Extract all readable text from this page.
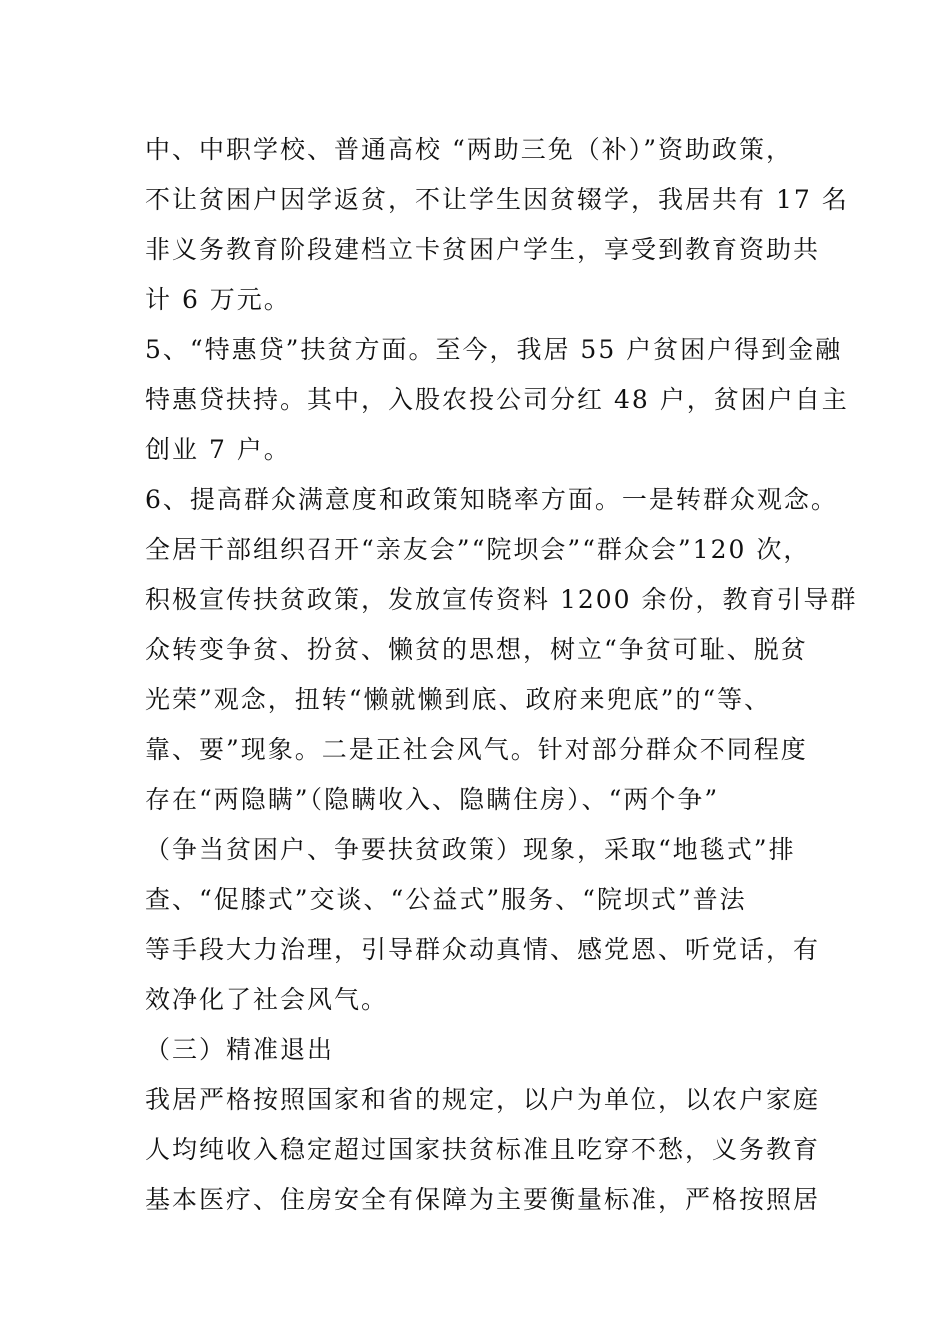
中、中职学校、普通高校 “两助三免（补）”资助政策，
不让贫困户因学返贫，不让学生因贫辍学，我居共有 17 名
非义务教育阶段建档立卡贫困户学生，享受到教育资助共
计 6 万元。
5、“特惠贷”扶贫方面。至今，我居 55 户贫困户得到金融
特惠贷扶持。其中，入股农投公司分红 48 户，贫困户自主
创业 7 户。
6、提高群众满意度和政策知晓率方面。一是转群众观念。
全居干部组织召开“亲友会”“院坝会”“群众会”120 次，
积极宣传扶贫政策，发放宣传资料 1200 余份，教育引导群
众转变争贫、扮贫、懒贫的思想，树立“争贫可耻、脱贫
光荣”观念，扭转“懒就懒到底、政府来兜底”的“等、
靠、要”现象。二是正社会风气。针对部分群众不同程度
存在“两隐瞒”（隐瞒收入、隐瞒住房）、“两个争”
（争当贫困户、争要扶贫政策）现象，采取“地毯式”排
查、“促膝式”交谈、“公益式”服务、“院坝式”普法
等手段大力治理，引导群众动真情、感党恩、听党话，有
效净化了社会风气。
（三）精准退出
我居严格按照国家和省的规定，以户为单位，以农户家庭
人均纯收入稳定超过国家扶贫标准且吃穿不愁，义务教育
基本医疗、住房安全有保障为主要衡量标准，严格按照居
